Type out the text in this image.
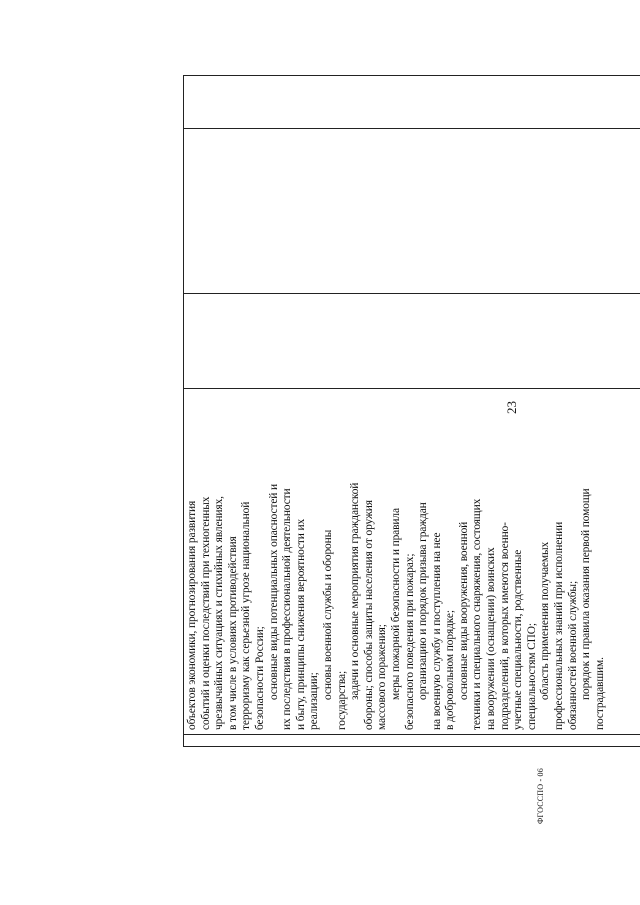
23
ФГОССПО - 06

объектов экономики, прогнозирования развития событий и оценки последствий при техногенных чрезвычайных ситуациях и стихийных явлениях, в том числе в условиях противодействия терроризму как серьезной угрозе национальной безопасности России; основные виды потенциальных опасностей и их последствия в профессиональной деятельности и быту, принципы снижения вероятности их реализации;

основы военной службы и обороны

государства;

задачи и основные мероприятия гражданской обороны; способы защиты населения от оружия массового поражения; меры пожарной безопасности и правила безопасного поведения при пожарах; организацию и порядок призыва граждан на военную службу и поступления на нее в добровольном порядке; основные виды вооружения, военной техники и специального снаряжения, состоящих на вооружении (оснащении) воинских подразделений, в которых имеются военно- учетные специальности, родственные специальностям СПО; область применения получаемых профессиональных знаний при исполнении обязанностей военной службы; порядок и правила оказания первой помощи пострадавшим.
